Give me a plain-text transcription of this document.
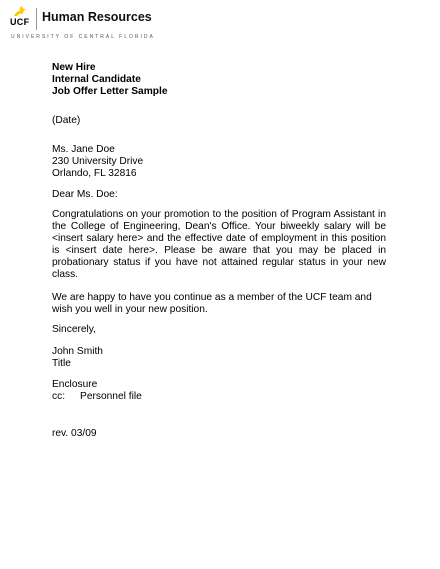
UCF Human Resources
UNIVERSITY OF CENTRAL FLORIDA
New Hire
Internal Candidate
Job Offer Letter Sample
(Date)
Ms. Jane Doe
230 University Drive
Orlando, FL 32816
Dear Ms. Doe:
Congratulations on your promotion to the position of Program Assistant in the College of Engineering, Dean's Office. Your biweekly salary will be <insert salary here> and the effective date of employment in this position is <insert date here>. Please be aware that you may be placed in probationary status if you have not attained regular status in your new class.
We are happy to have you continue as a member of the UCF team and wish you well in your new position.
Sincerely,
John Smith
Title
Enclosure
cc: Personnel file
rev. 03/09
